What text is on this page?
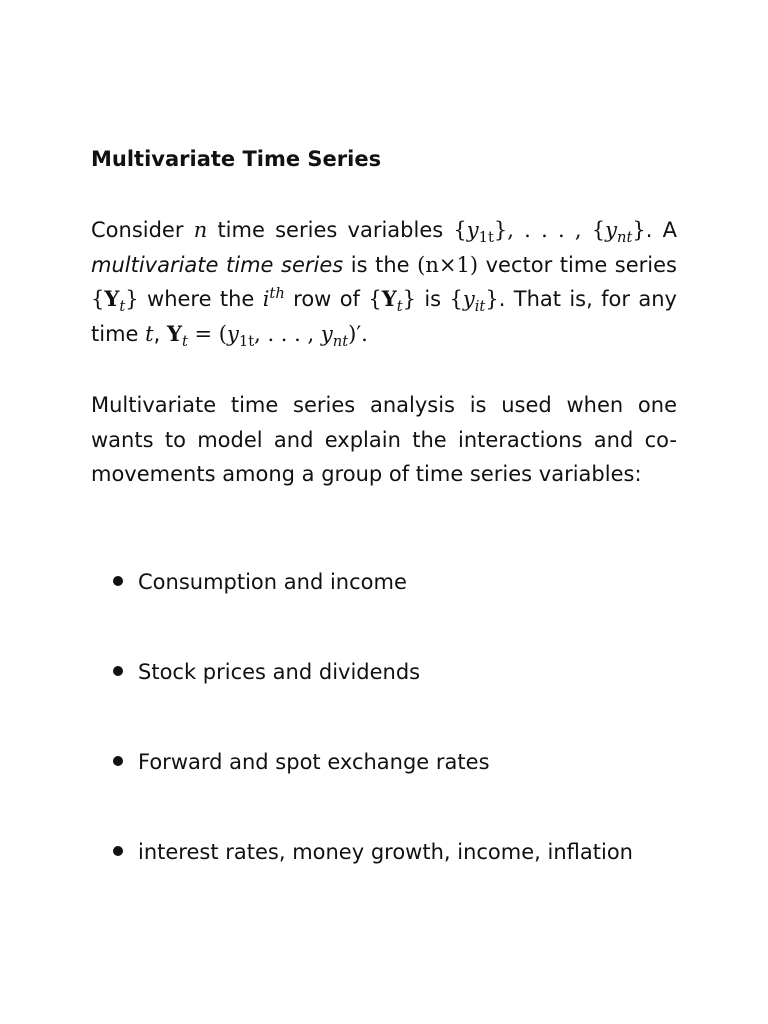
Multivariate Time Series

Consider n time series variables $\{y_{1t}\}$, . . . , $\{y_{nt}\}$. A multivariate time series is the (n×1) vector time series $\{Y_t\}$ where the $i^{th}$ row of $\{Y_t\}$ is $\{y_{it}\}$. That is, for any time t, $Y_t = (y_{1t}$, . . . , $y_{nt})'$.

Multivariate time series analysis is used when one wants to model and explain the interactions and co-movements among a group of time series variables:

Consumption and income
Stock prices and dividends
Forward and spot exchange rates
interest rates, money growth, income, inflation
